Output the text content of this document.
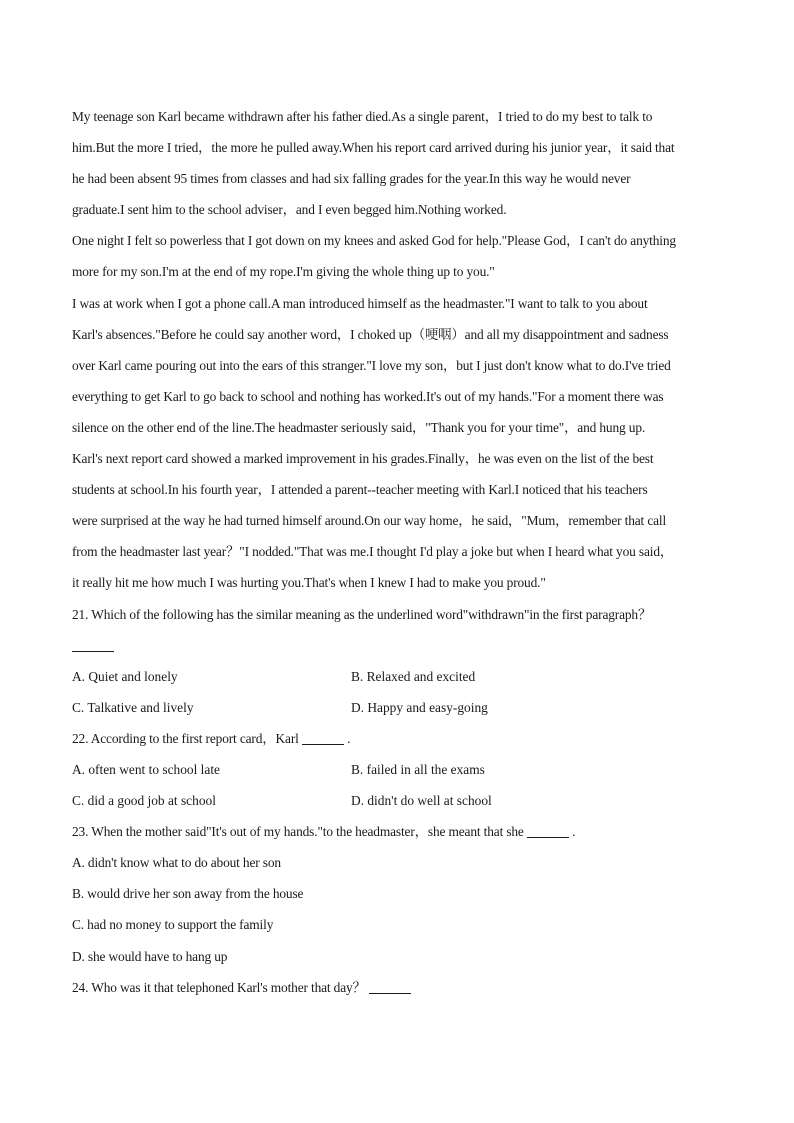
My teenage son Karl became withdrawn after his father died.As a single parent，I tried to do my best to talk to
him.But the more I tried，the more he pulled away.When his report card arrived during his junior year，it said that
he had been absent 95 times from classes and had six falling grades for the year.In this way he would never
graduate.I sent him to the school adviser，and I even begged him.Nothing worked.
One night I felt so powerless that I got down on my knees and asked God for help."Please God，I can't do anything
more for my son.I'm at the end of my rope.I'm giving the whole thing up to you."
I was at work when I got a phone call.A man introduced himself as the headmaster."I want to talk to you about
Karl's absences."Before he could say another word，I choked up（哽咽）and all my disappointment and sadness
over Karl came pouring out into the ears of this stranger."I love my son，but I just don't know what to do.I've tried
everything to get Karl to go back to school and nothing has worked.It's out of my hands."For a moment there was
silence on the other end of the line.The headmaster seriously said，"Thank you for your time"，and hung up.
Karl's next report card showed a marked improvement in his grades.Finally，he was even on the list of the best
students at school.In his fourth year，I attended a parent--teacher meeting with Karl.I noticed that his teachers
were surprised at the way he had turned himself around.On our way home，he said，"Mum，remember that call
from the headmaster last year？"I nodded."That was me.I thought I'd play a joke but when I heard what you said，
it really hit me how much I was hurting you.That's when I knew I had to make you proud."
21. Which of the following has the similar meaning as the underlined word"withdrawn"in the first paragraph？
A. Quiet and lonely	B. Relaxed and excited
C. Talkative and lively	D. Happy and easy-going
22. According to the first report card，Karl	.
A. often went to school late	B. failed in all the exams
C. did a good job at school	D. didn't do well at school
23. When the mother said"It's out of my hands."to the headmaster，she meant that she	.
A. didn't know what to do about her son
B. would drive her son away from the house
C. had no money to support the family
D. she would have to hang up
24. Who was it that telephoned Karl's mother that day？
